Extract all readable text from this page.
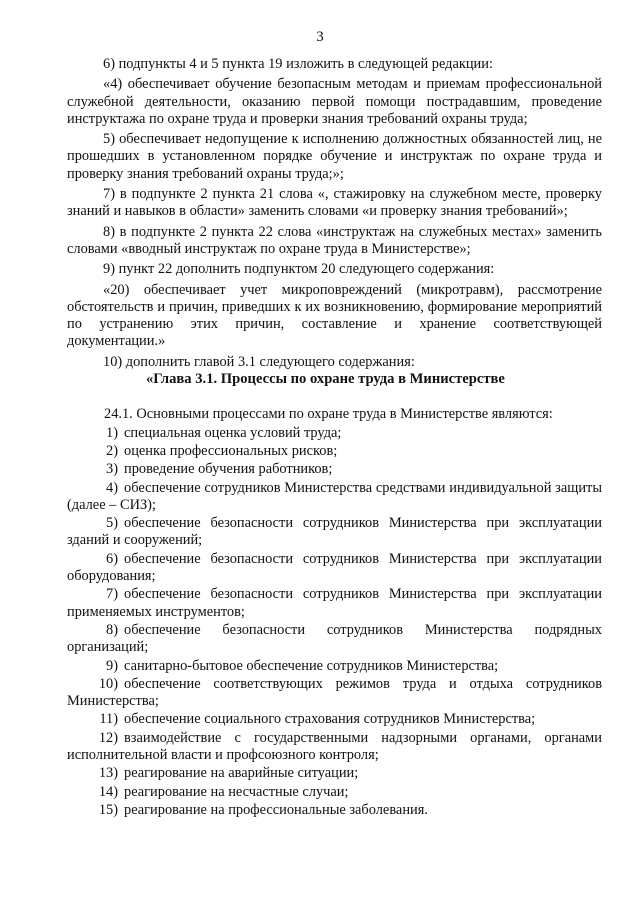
3

6) подпункты 4 и 5 пункта 19 изложить в следующей редакции:

«4) обеспечивает обучение безопасным методам и приемам профессиональной служебной деятельности, оказанию первой помощи пострадавшим, проведение инструктажа по охране труда и проверки знания требований охраны труда;

5) обеспечивает недопущение к исполнению должностных обязанностей лиц, не прошедших в установленном порядке обучение и инструктаж по охране труда и проверку знания требований охраны труда;»;

7) в подпункте 2 пункта 21 слова «, стажировку на служебном месте, проверку знаний и навыков в области» заменить словами «и проверку знания требований»;

8) в подпункте 2 пункта 22 слова «инструктаж на служебных местах» заменить словами «вводный инструктаж по охране труда в Министерстве»;

9) пункт 22 дополнить подпунктом 20 следующего содержания:

«20) обеспечивает учет микроповреждений (микротравм), рассмотрение обстоятельств и причин, приведших к их возникновению, формирование мероприятий по устранению этих причин, составление и хранение соответствующей документации.»

10) дополнить главой 3.1 следующего содержания:

«Глава 3.1. Процессы по охране труда в Министерстве

24.1. Основными процессами по охране труда в Министерстве являются:

1) специальная оценка условий труда;
2) оценка профессиональных рисков;
3) проведение обучения работников;
4) обеспечение сотрудников Министерства средствами индивидуальной защиты (далее – СИЗ);
5) обеспечение безопасности сотрудников Министерства при эксплуатации зданий и сооружений;
6) обеспечение безопасности сотрудников Министерства при эксплуатации оборудования;
7) обеспечение безопасности сотрудников Министерства при эксплуатации применяемых инструментов;
8) обеспечение безопасности сотрудников Министерства подрядных организаций;
9) санитарно-бытовое обеспечение сотрудников Министерства;
10) обеспечение соответствующих режимов труда и отдыха сотрудников Министерства;
11) обеспечение социального страхования сотрудников Министерства;
12) взаимодействие с государственными надзорными органами, органами исполнительной власти и профсоюзного контроля;
13) реагирование на аварийные ситуации;
14) реагирование на несчастные случаи;
15) реагирование на профессиональные заболевания.
